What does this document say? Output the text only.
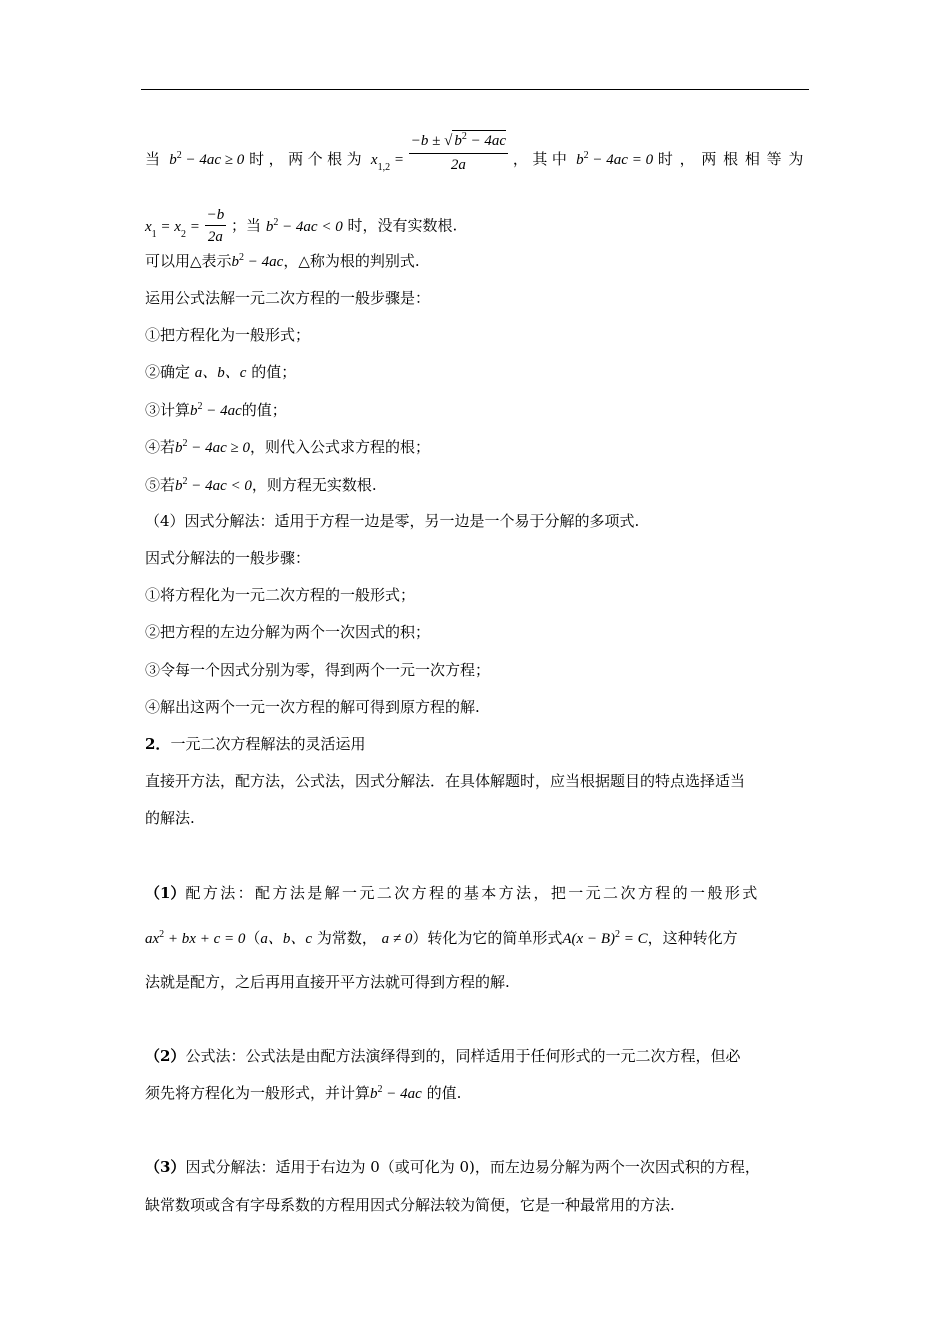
当 $b^2 - 4ac \ge 0$ 时，两个根为 $x_{1,2} = \frac{-b \pm √ b^2 - 4ac}{2a}$ ，其中 $b^2 - 4ac = 0$ 时，两根相等为
$x_1 = x_2 = \frac{-b}{2a}$ ；当 $b^2 - 4ac < 0$ 时，没有实数根.
可以用△表示$b^2 - 4ac$，△称为根的判别式.
运用公式法解一元二次方程的一般步骤是：
①把方程化为一般形式；
②确定 a、b、c 的值；
③计算$b^2 - 4ac$的值；
④若$b^2 - 4ac \ge 0$，则代入公式求方程的根；
⑤若$b^2 - 4ac < 0$，则方程无实数根.
（4）因式分解法：适用于方程一边是零，另一边是一个易于分解的多项式.
因式分解法的一般步骤：
①将方程化为一元二次方程的一般形式；
②把方程的左边分解为两个一次因式的积；
③令每一个因式分别为零，得到两个一元一次方程；
④解出这两个一元一次方程的解可得到原方程的解.
2．一元二次方程解法的灵活运用
直接开方法，配方法，公式法，因式分解法．在具体解题时，应当根据题目的特点选择适当
的解法.
（1）配方法：配方法是解一元二次方程的基本方法，把一元二次方程的一般形式
$ax^2$ + bx + c = 0（a、b、c 为常数， a ≠ 0）转化为它的简单形式$A(x - B)^2 = C$，这种转化方
法就是配方，之后再用直接开平方法就可得到方程的解.
（2）公式法：公式法是由配方法演绎得到的，同样适用于任何形式的一元二次方程，但必
须先将方程化为一般形式，并计算$b^2 - 4ac$ 的值.
（3）因式分解法：适用于右边为 0（或可化为 0)，而左边易分解为两个一次因式积的方程，
缺常数项或含有字母系数的方程用因式分解法较为简便，它是一种最常用的方法.
